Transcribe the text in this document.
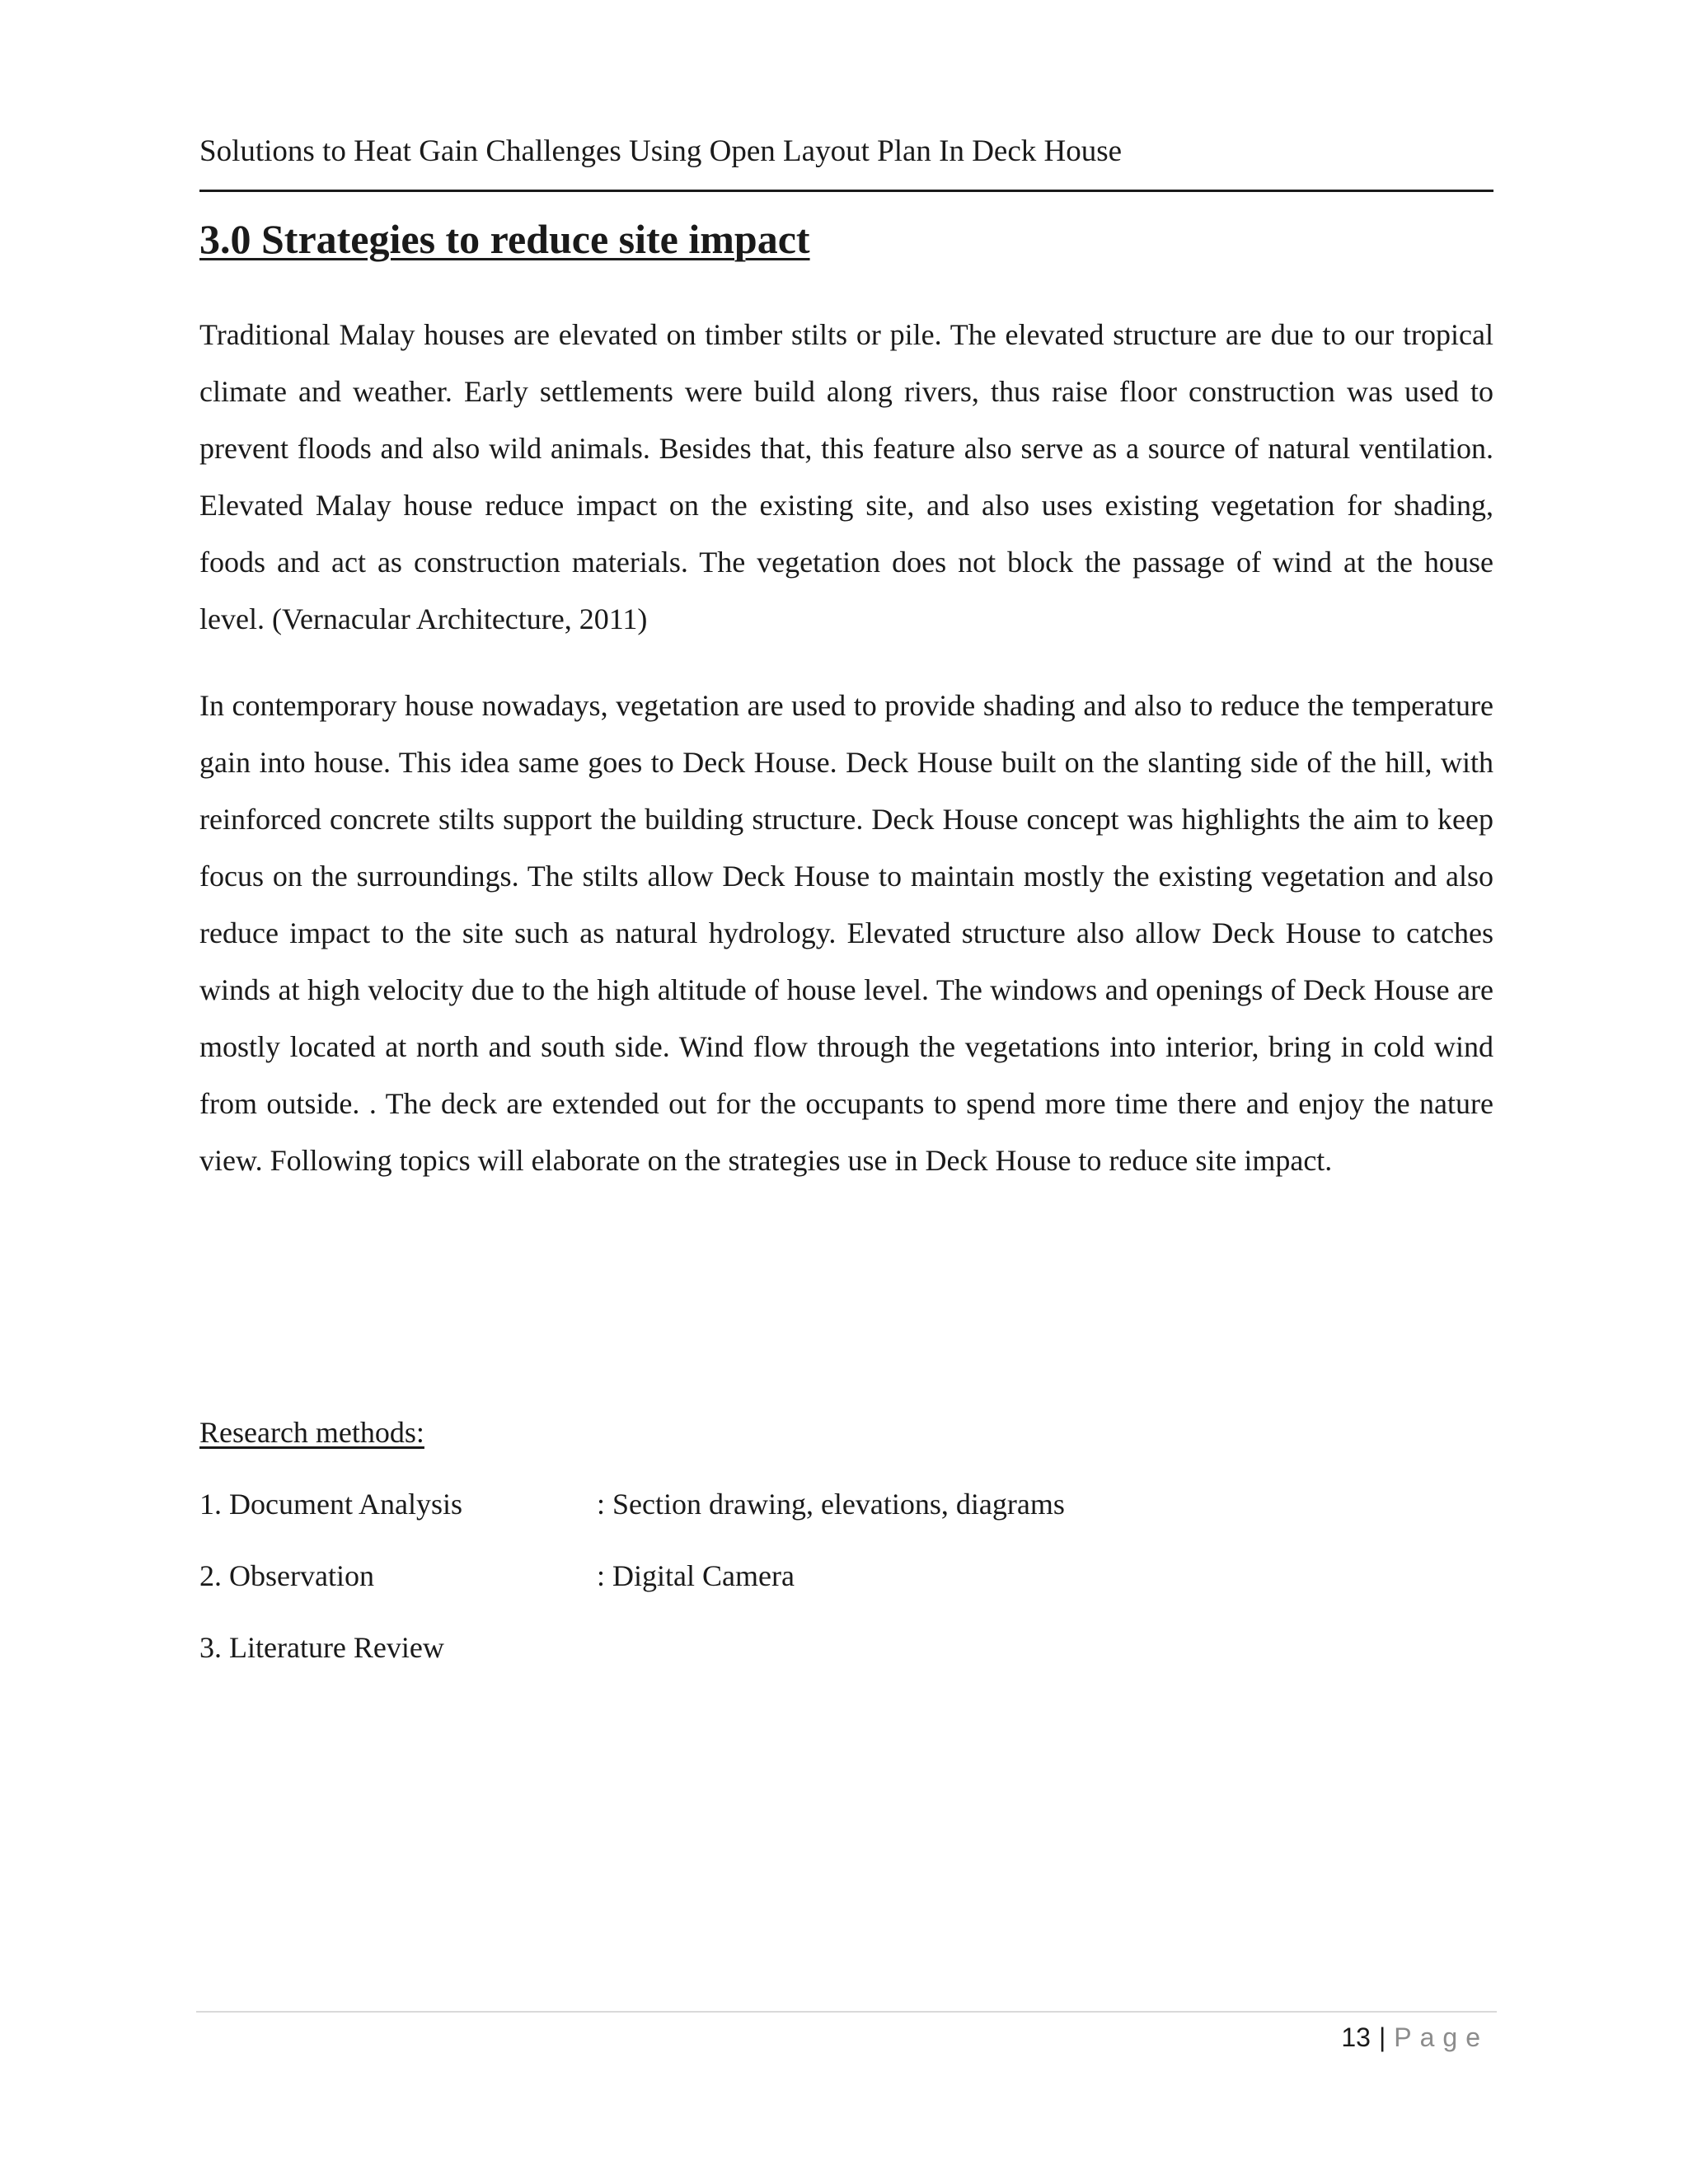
Solutions to Heat Gain Challenges Using Open Layout Plan In Deck House
3.0 Strategies to reduce site impact

Traditional Malay houses are elevated on timber stilts or pile. The elevated structure are due to our tropical climate and weather. Early settlements were build along rivers, thus raise floor construction was used to prevent floods and also wild animals. Besides that, this feature also serve as a source of natural ventilation. Elevated Malay house reduce impact on the existing site, and also uses existing vegetation for shading, foods and act as construction materials. The vegetation does not block the passage of wind at the house level. (Vernacular Architecture, 2011)

In contemporary house nowadays, vegetation are used to provide shading and also to reduce the temperature gain into house. This idea same goes to Deck House. Deck House built on the slanting side of the hill, with reinforced concrete stilts support the building structure. Deck House concept was highlights the aim to keep focus on the surroundings. The stilts allow Deck House to maintain mostly the existing vegetation and also reduce impact to the site such as natural hydrology. Elevated structure also allow Deck House to catches winds at high velocity due to the high altitude of house level. The windows and openings of Deck House are mostly located at north and south side. Wind flow through the vegetations into interior, bring in cold wind from outside. . The deck are extended out for the occupants to spend more time there and enjoy the nature view. Following topics will elaborate on the strategies use in Deck House to reduce site impact.

Research methods:
1. Document Analysis	: Section drawing, elevations, diagrams
2. Observation	: Digital Camera
3. Literature Review
13 | Page
